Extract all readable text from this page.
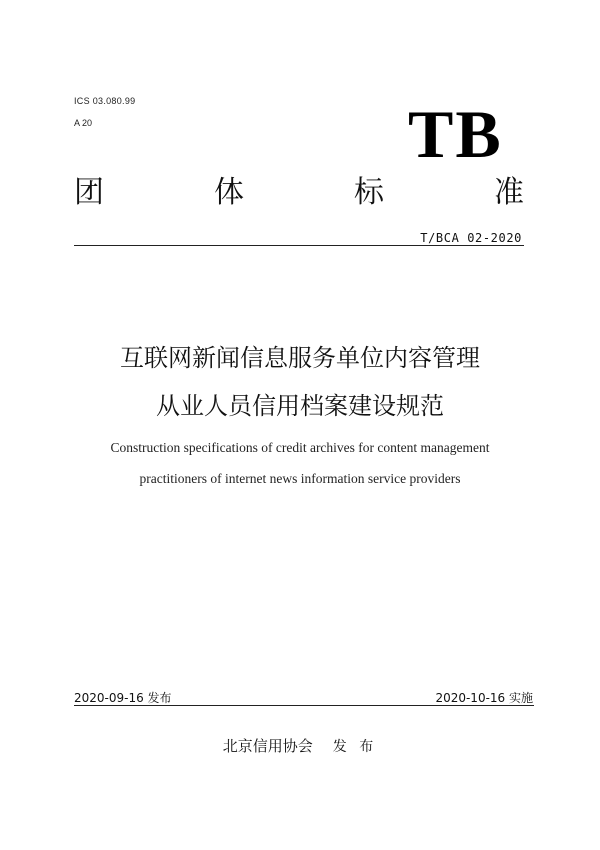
ICS 03.080.99
A 20	TB
团	体	标	准
T/BCA 02-2020
互联网新闻信息服务单位内容管理
从业人员信用档案建设规范
Construction specifications of credit archives for content management
practitioners of internet news information service providers
2020-09-16 发布	2020-10-16 实施
北京信用协会 发 布
